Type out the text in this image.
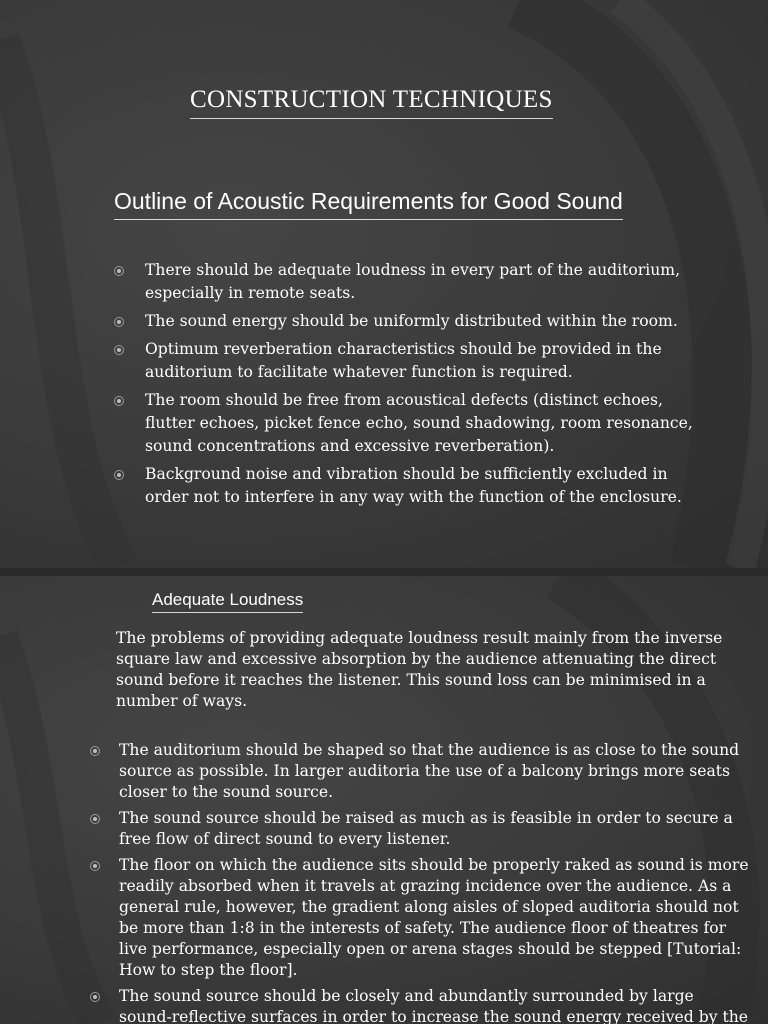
CONSTRUCTION TECHNIQUES
Outline of Acoustic Requirements for Good Sound
There should be adequate loudness in every part of the auditorium, especially in remote seats.
The sound energy should be uniformly distributed within the room.
Optimum reverberation characteristics should be provided in the auditorium to facilitate whatever function is required.
The room should be free from acoustical defects (distinct echoes, flutter echoes, picket fence echo, sound shadowing, room resonance, sound concentrations and excessive reverberation).
Background noise and vibration should be sufficiently excluded in order not to interfere in any way with the function of the enclosure.
Adequate Loudness
The problems of providing adequate loudness result mainly from the inverse square law and excessive absorption by the audience attenuating the direct sound before it reaches the listener. This sound loss can be minimised in a number of ways.
The auditorium should be shaped so that the audience is as close to the sound source as possible. In larger auditoria the use of a balcony brings more seats closer to the sound source.
The sound source should be raised as much as is feasible in order to secure a free flow of direct sound to every listener.
The floor on which the audience sits should be properly raked as sound is more readily absorbed when it travels at grazing incidence over the audience. As a general rule, however, the gradient along aisles of sloped auditoria should not be more than 1:8 in the interests of safety. The audience floor of theatres for live performance, especially open or arena stages should be stepped [Tutorial: How to step the floor].
The sound source should be closely and abundantly surrounded by large sound-reflective surfaces in order to increase the sound energy received by the
